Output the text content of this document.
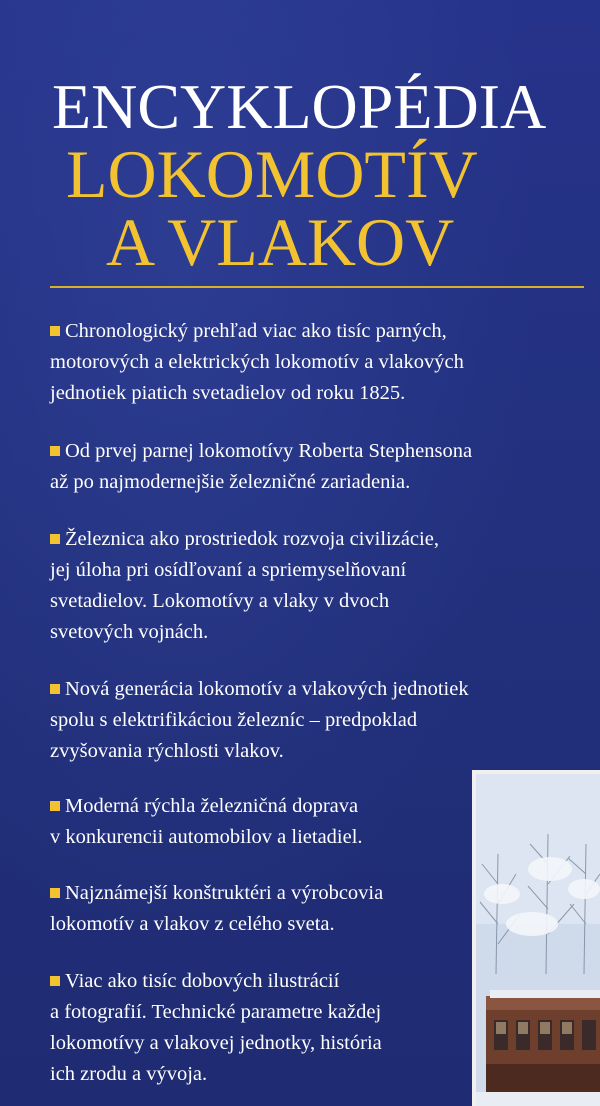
ENCYKLOPÉDIA
LOKOMOTÍV
A VLAKOV
Chronologický prehľad viac ako tisíc parných,
motorových a elektrických lokomotív a vlakových
jednotiek piatich svetadielov od roku 1825.
Od prvej parnej lokomotívy Roberta Stephensona
až po najmodernejšie železničné zariadenia.
Železnica ako prostriedok rozvoja civilizácie,
jej úloha pri osídľovaní a spriemyselňovaní
svetadielov. Lokomotívy a vlaky v dvoch
svetových vojnách.
Nová generácia lokomotív a vlakových jednotiek
spolu s elektrifikáciou železníc – predpoklad
zvyšovania rýchlosti vlakov.
Moderná rýchla železničná doprava
v konkurencii automobilov a lietadiel.
Najznámejší konštruktéri a výrobcovia
lokomotív a vlakov z celého sveta.
Viac ako tisíc dobových ilustrácií
a fotografií. Technické parametre každej
lokomotívy a vlakovej jednotky, história
ich zrodu a vývoja.
